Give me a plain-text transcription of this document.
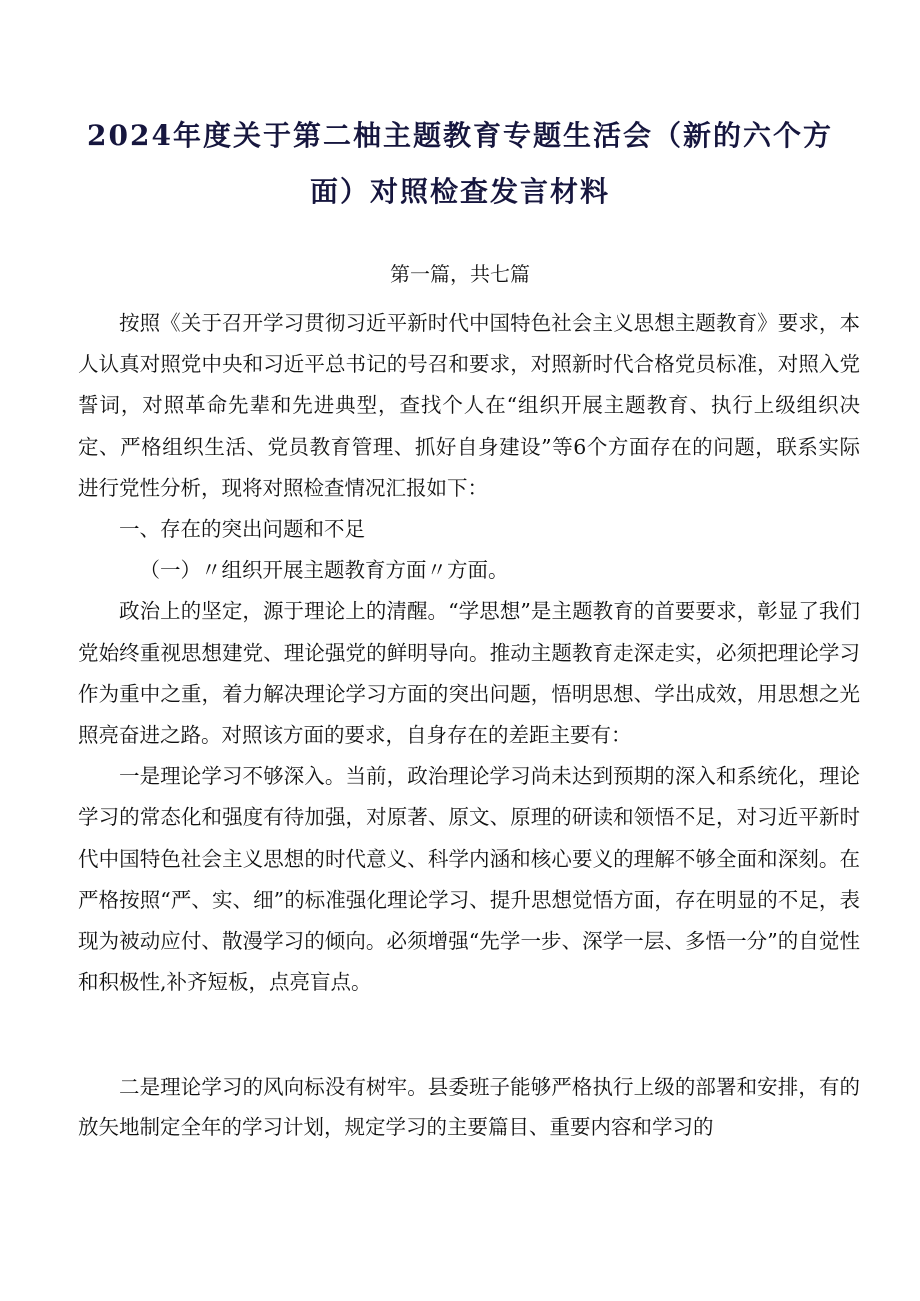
2024年度关于第二柚主题教育专题生活会（新的六个方面）对照检查发言材料
第一篇，共七篇

按照《关于召开学习贯彻习近平新时代中国特色社会主义思想主题教育》要求，本人认真对照党中央和习近平总书记的号召和要求，对照新时代合格党员标准，对照入党誓词，对照革命先辈和先进典型，查找个人在“组织开展主题教育、执行上级组织决定、严格组织生活、党员教育管理、抓好自身建设”等6个方面存在的问题，联系实际进行党性分析，现将对照检查情况汇报如下：

一、存在的突出问题和不足

（一）〃组织开展主题教育方面〃方面。

政治上的坚定，源于理论上的清醒。“学思想”是主题教育的首要要求，彰显了我们党始终重视思想建党、理论强党的鲜明导向。推动主题教育走深走实，必须把理论学习作为重中之重，着力解决理论学习方面的突出问题，悟明思想、学出成效，用思想之光照亮奋进之路。对照该方面的要求，自身存在的差距主要有：

一是理论学习不够深入。当前，政治理论学习尚未达到预期的深入和系统化，理论学习的常态化和强度有待加强，对原著、原文、原理的研读和领悟不足，对习近平新时代中国特色社会主义思想的时代意义、科学内涵和核心要义的理解不够全面和深刻。在严格按照“严、实、细”的标准强化理论学习、提升思想觉悟方面，存在明显的不足，表现为被动应付、散漫学习的倾向。必须增强“先学一步、深学一层、多悟一分”的自觉性和积极性,补齐短板，点亮盲点。

二是理论学习的风向标没有树牢。县委班子能够严格执行上级的部署和安排，有的放矢地制定全年的学习计划，规定学习的主要篇目、重要内容和学习的
